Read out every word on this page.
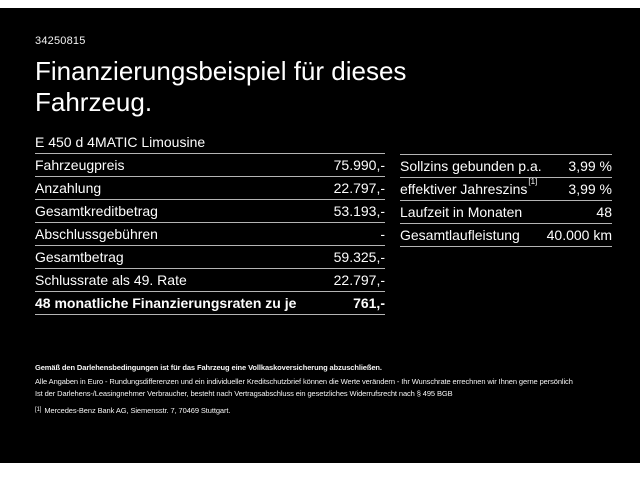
34250815
Finanzierungsbeispiel für dieses Fahrzeug.
E 450 d 4MATIC Limousine
Fahrzeugpreis	75.990,-
Anzahlung	22.797,-
Gesamtkreditbetrag	53.193,-
Abschlussgebühren	-
Gesamtbetrag	59.325,-
Schlussrate als 49. Rate	22.797,-
48 monatliche Finanzierungsraten zu je	761,-
Sollzins gebunden p.a. 3,99 %
effektiver Jahreszins[1] 3,99 %
Laufzeit in Monaten	48
Gesamtlaufleistung 40.000 km
Gemäß den Darlehensbedingungen ist für das Fahrzeug eine Vollkaskoversicherung abzuschließen.
Alle Angaben in Euro - Rundungsdifferenzen und ein individueller Kreditschutzbrief können die Werte verändern - Ihr Wunschrate errechnen wir Ihnen gerne persönlich
Ist der Darlehens-/Leasingnehmer Verbraucher, besteht nach Vertragsabschluss ein gesetzliches Widerrufsrecht nach § 495 BGB
[1] Mercedes-Benz Bank AG, Siemensstr. 7, 70469 Stuttgart.
